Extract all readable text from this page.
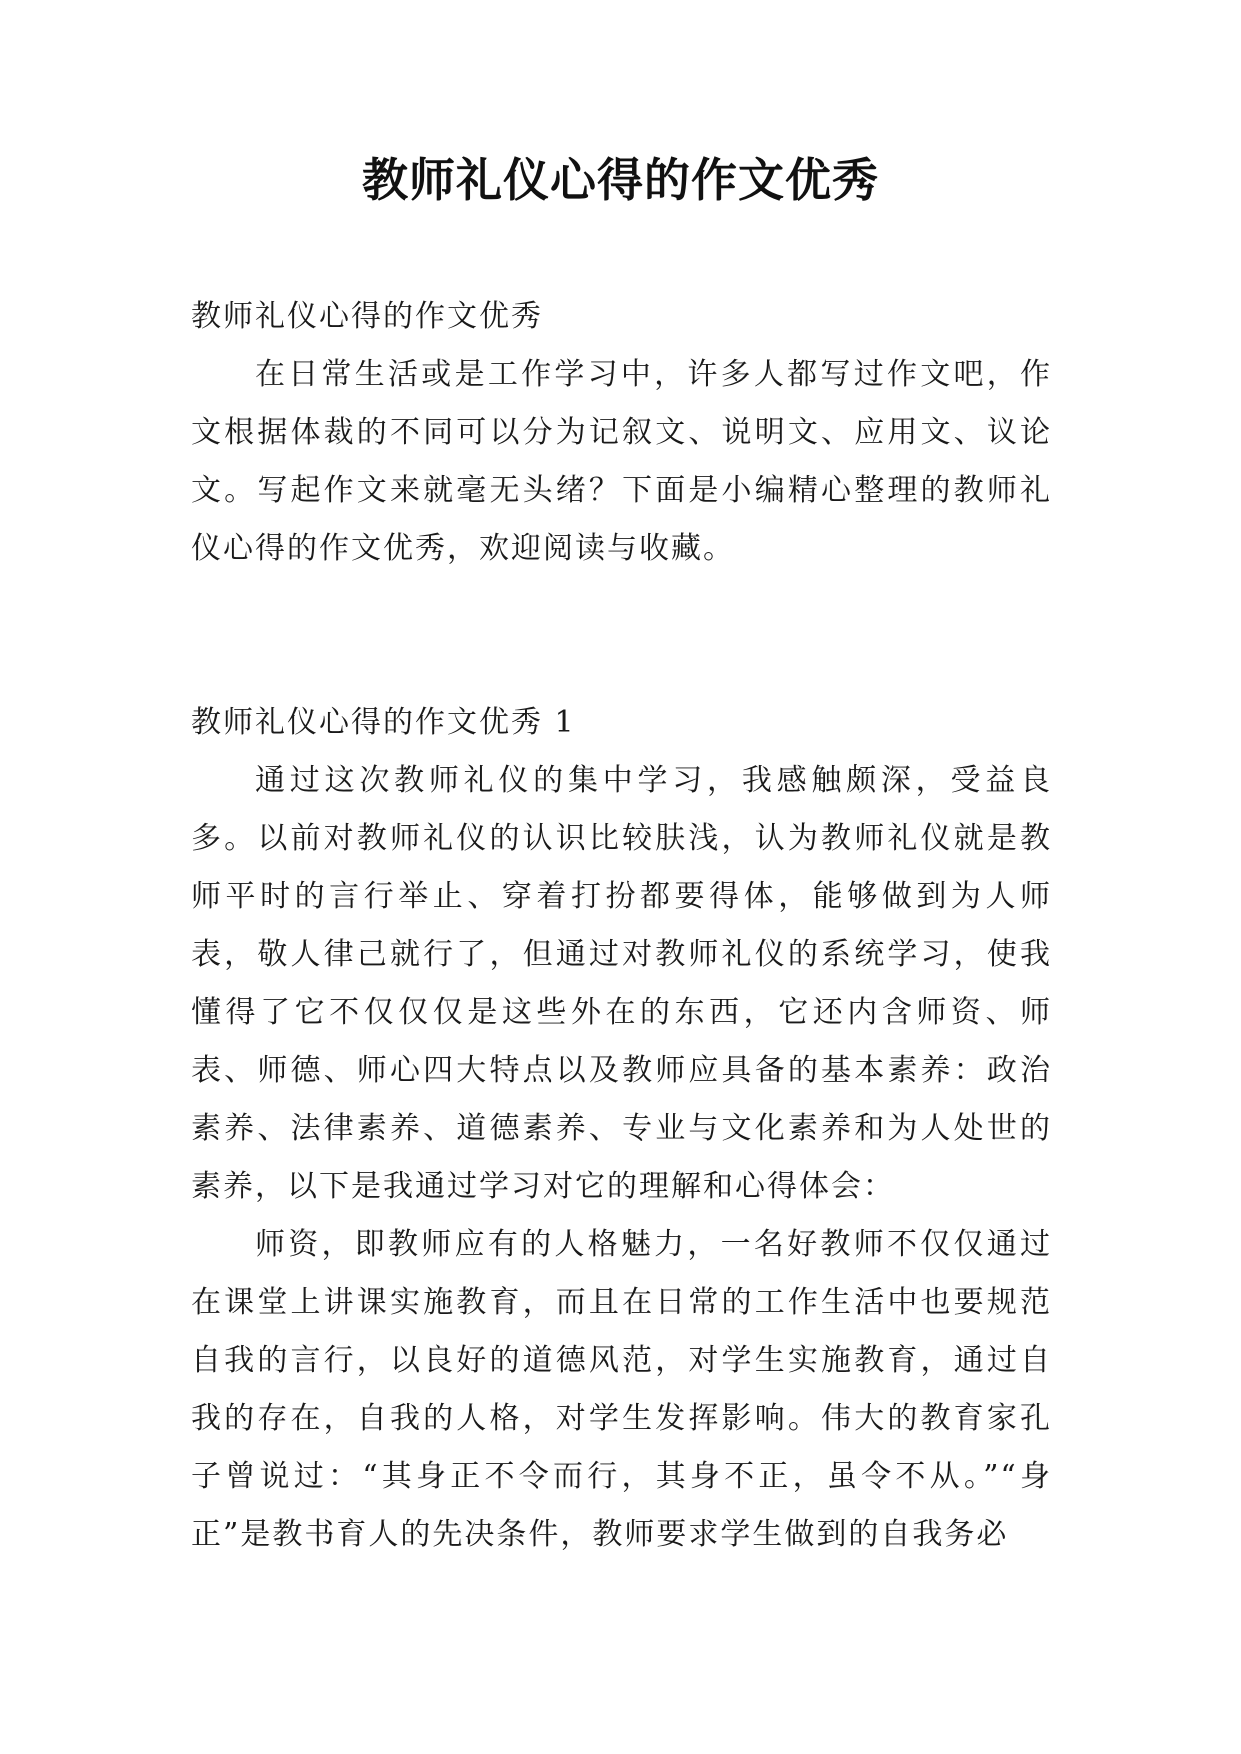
教师礼仪心得的作文优秀

教师礼仪心得的作文优秀

在日常生活或是工作学习中，许多人都写过作文吧，作文根据体裁的不同可以分为记叙文、说明文、应用文、议论文。写起作文来就毫无头绪？下面是小编精心整理的教师礼仪心得的作文优秀，欢迎阅读与收藏。

教师礼仪心得的作文优秀 1

通过这次教师礼仪的集中学习，我感触颇深，受益良多。以前对教师礼仪的认识比较肤浅，认为教师礼仪就是教师平时的言行举止、穿着打扮都要得体，能够做到为人师表，敬人律己就行了，但通过对教师礼仪的系统学习，使我懂得了它不仅仅仅是这些外在的东西，它还内含师资、师表、师德、师心四大特点以及教师应具备的基本素养：政治素养、法律素养、道德素养、专业与文化素养和为人处世的素养，以下是我通过学习对它的理解和心得体会：

师资，即教师应有的人格魅力，一名好教师不仅仅通过在课堂上讲课实施教育，而且在日常的工作生活中也要规范自我的言行，以良好的道德风范，对学生实施教育，通过自我的存在，自我的人格，对学生发挥影响。伟大的教育家孔子曾说过：“其身正不令而行，其身不正，虽令不从。”“身正”是教书育人的先决条件，教师要求学生做到的自我务必
